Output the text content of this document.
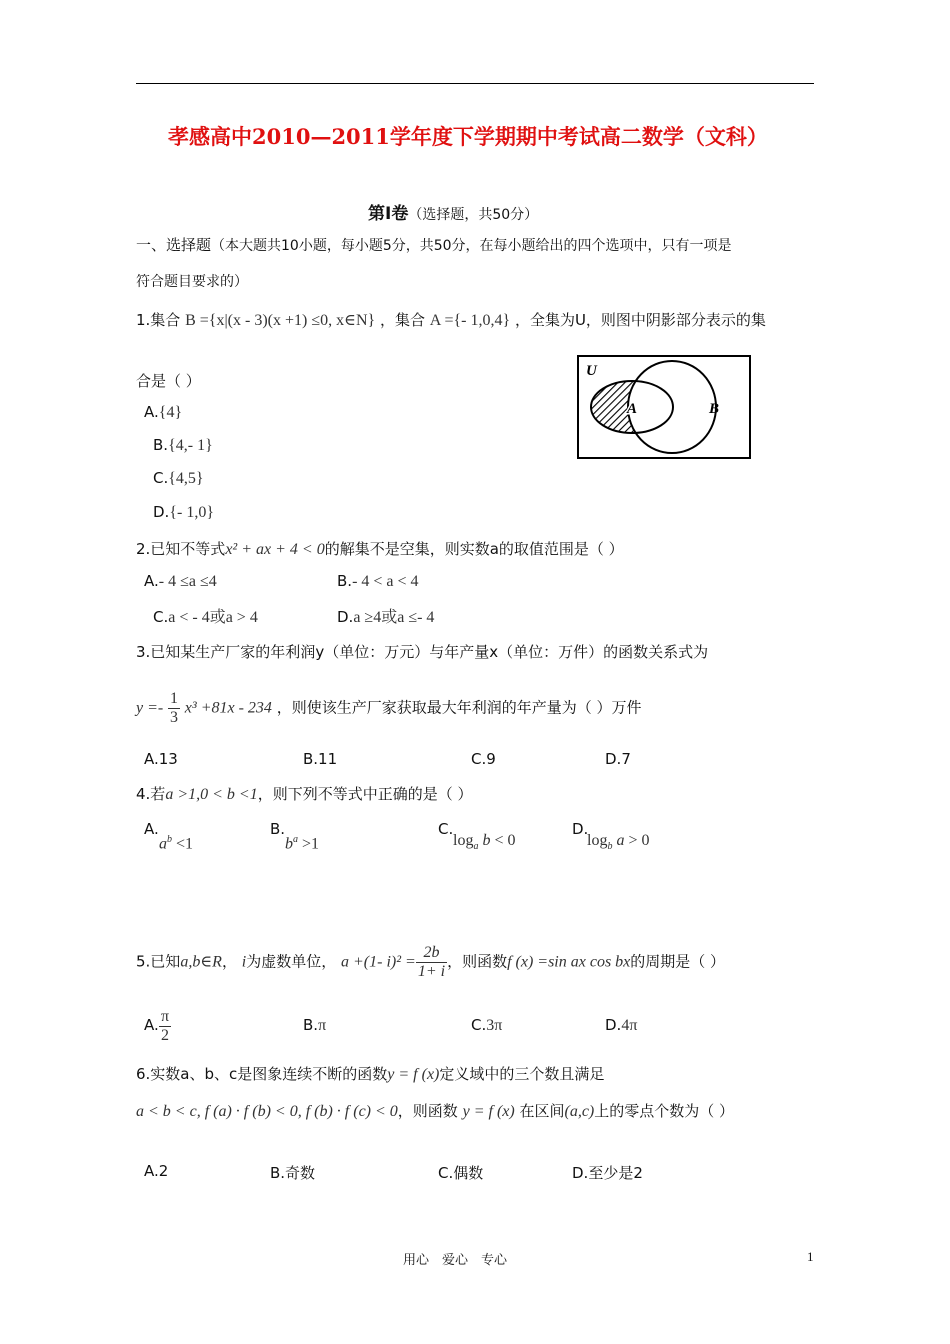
孝感高中2010—2011学年度下学期期中考试高二数学（文科）
第Ⅰ卷（选择题，共50分）
一、选择题（本大题共10小题，每小题5分，共50分，在每小题给出的四个选项中，只有一项是
符合题目要求的）
1.集合 B ={x|(x - 3)(x +1) ≤0, x∈N} ，集合 A ={- 1,0,4} ，全集为U，则图中阴影部分表示的集
合是（ ）
U
A	B
A.{4}
B.{4,- 1}
C.{4,5}
D.{- 1,0}
2.已知不等式x² + ax + 4 < 0的解集不是空集，则实数a的取值范围是（ ）
A.- 4 ≤a ≤4	B.- 4 < a < 4
C.a < - 4或a > 4	D.a ≥4或a ≤- 4
3.已知某生产厂家的年利润y（单位：万元）与年产量x（单位：万件）的函数关系式为
$y =- \frac{1}{3} x^3 +81x - 234$ ，则使该生产厂家获取最大年利润的年产量为（ ）万件
A.13	B.11	C.9	D.7
4.若a >1,0 < b <1，则下列不等式中正确的是（ ）
A.
$a^b <1$
B.
$b^a >1$
C.
$\log_a b < 0$
D.
$\log_b a > 0$
5.已知a,b∈R， i为虚数单位， a +(1- $i)^2 = \frac{2b}{1+ i}$ ，则函数f (x) =sin ax cos bx的周期是（ ）
A. $\frac{\pi}{2}$	B.π	C.3π	D.4π
6.实数a、b、c是图象连续不断的函数y = f (x)定义域中的三个数且满足
a < b < c, f (a) · f (b) < 0, f (b) · f (c) < 0，则函数 y = f (x) 在区间(a,c)上的零点个数为（ ）
A.2	B.奇数	C.偶数	D.至少是2
用心    爱心    专心	1
